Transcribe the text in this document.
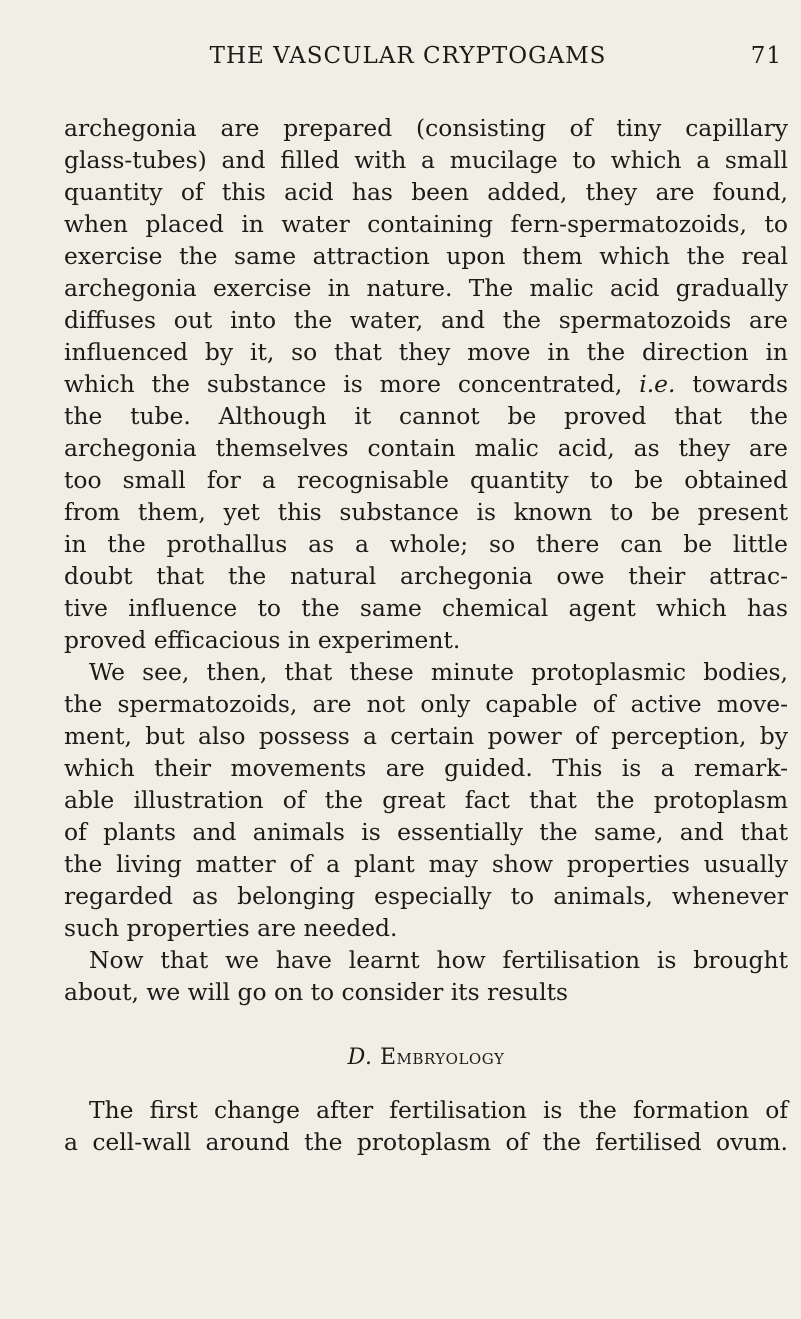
THE VASCULAR CRYPTOGAMS	71
archegonia are prepared (consisting of tiny capillary
glass-tubes) and filled with a mucilage to which a small
quantity of this acid has been added, they are found,
when placed in water containing fern-spermatozoids, to
exercise the same attraction upon them which the real
archegonia exercise in nature. The malic acid gradually
diffuses out into the water, and the spermatozoids are
influenced by it, so that they move in the direction in
which the substance is more concentrated, i.e. towards
the tube. Although it cannot be proved that the
archegonia themselves contain malic acid, as they are
too small for a recognisable quantity to be obtained
from them, yet this substance is known to be present
in the prothallus as a whole; so there can be little
doubt that the natural archegonia owe their attrac-
tive influence to the same chemical agent which has
proved efficacious in experiment.
We see, then, that these minute protoplasmic bodies,
the spermatozoids, are not only capable of active move-
ment, but also possess a certain power of perception, by
which their movements are guided. This is a remark-
able illustration of the great fact that the protoplasm
of plants and animals is essentially the same, and that
the living matter of a plant may show properties usually
regarded as belonging especially to animals, whenever
such properties are needed.
Now that we have learnt how fertilisation is brought
about, we will go on to consider its results
D. Embryology
The first change after fertilisation is the formation of
a cell-wall around the protoplasm of the fertilised ovum.
